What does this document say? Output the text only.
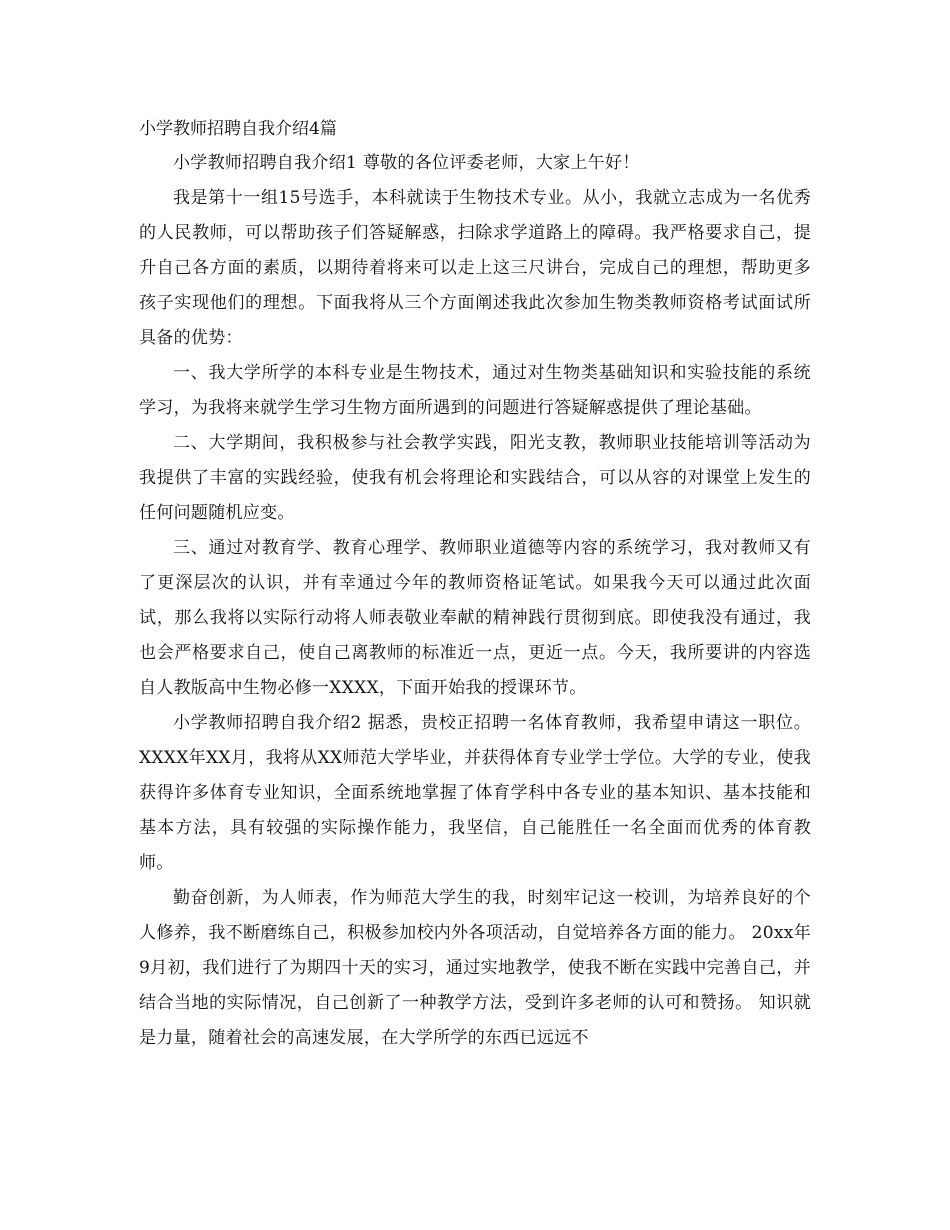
小学教师招聘自我介绍4篇

小学教师招聘自我介绍1 尊敬的各位评委老师，大家上午好！

我是第十一组15号选手，本科就读于生物技术专业。从小，我就立志成为一名优秀的人民教师，可以帮助孩子们答疑解惑，扫除求学道路上的障碍。我严格要求自己，提升自己各方面的素质，以期待着将来可以走上这三尺讲台，完成自己的理想，帮助更多孩子实现他们的理想。下面我将从三个方面阐述我此次参加生物类教师资格考试面试所具备的优势：

一、我大学所学的本科专业是生物技术，通过对生物类基础知识和实验技能的系统学习，为我将来就学生学习生物方面所遇到的问题进行答疑解惑提供了理论基础。

二、大学期间，我积极参与社会教学实践，阳光支教，教师职业技能培训等活动为我提供了丰富的实践经验，使我有机会将理论和实践结合，可以从容的对课堂上发生的任何问题随机应变。

三、通过对教育学、教育心理学、教师职业道德等内容的系统学习，我对教师又有了更深层次的认识，并有幸通过今年的教师资格证笔试。如果我今天可以通过此次面试，那么我将以实际行动将人师表敬业奉献的精神践行贯彻到底。即使我没有通过，我也会严格要求自己，使自己离教师的标准近一点，更近一点。今天，我所要讲的内容选自人教版高中生物必修一XXXX，下面开始我的授课环节。

小学教师招聘自我介绍2 据悉，贵校正招聘一名体育教师，我希望申请这一职位。 XXXX年XX月，我将从XX师范大学毕业，并获得体育专业学士学位。大学的专业，使我获得许多体育专业知识，全面系统地掌握了体育学科中各专业的基本知识、基本技能和基本方法，具有较强的实际操作能力，我坚信，自己能胜任一名全面而优秀的体育教师。

勤奋创新，为人师表，作为师范大学生的我，时刻牢记这一校训，为培养良好的个人修养，我不断磨练自己，积极参加校内外各项活动，自觉培养各方面的能力。 20xx年9月初，我们进行了为期四十天的实习，通过实地教学，使我不断在实践中完善自己，并结合当地的实际情况，自己创新了一种教学方法，受到许多老师的认可和赞扬。 知识就是力量，随着社会的高速发展，在大学所学的东西已远远不
